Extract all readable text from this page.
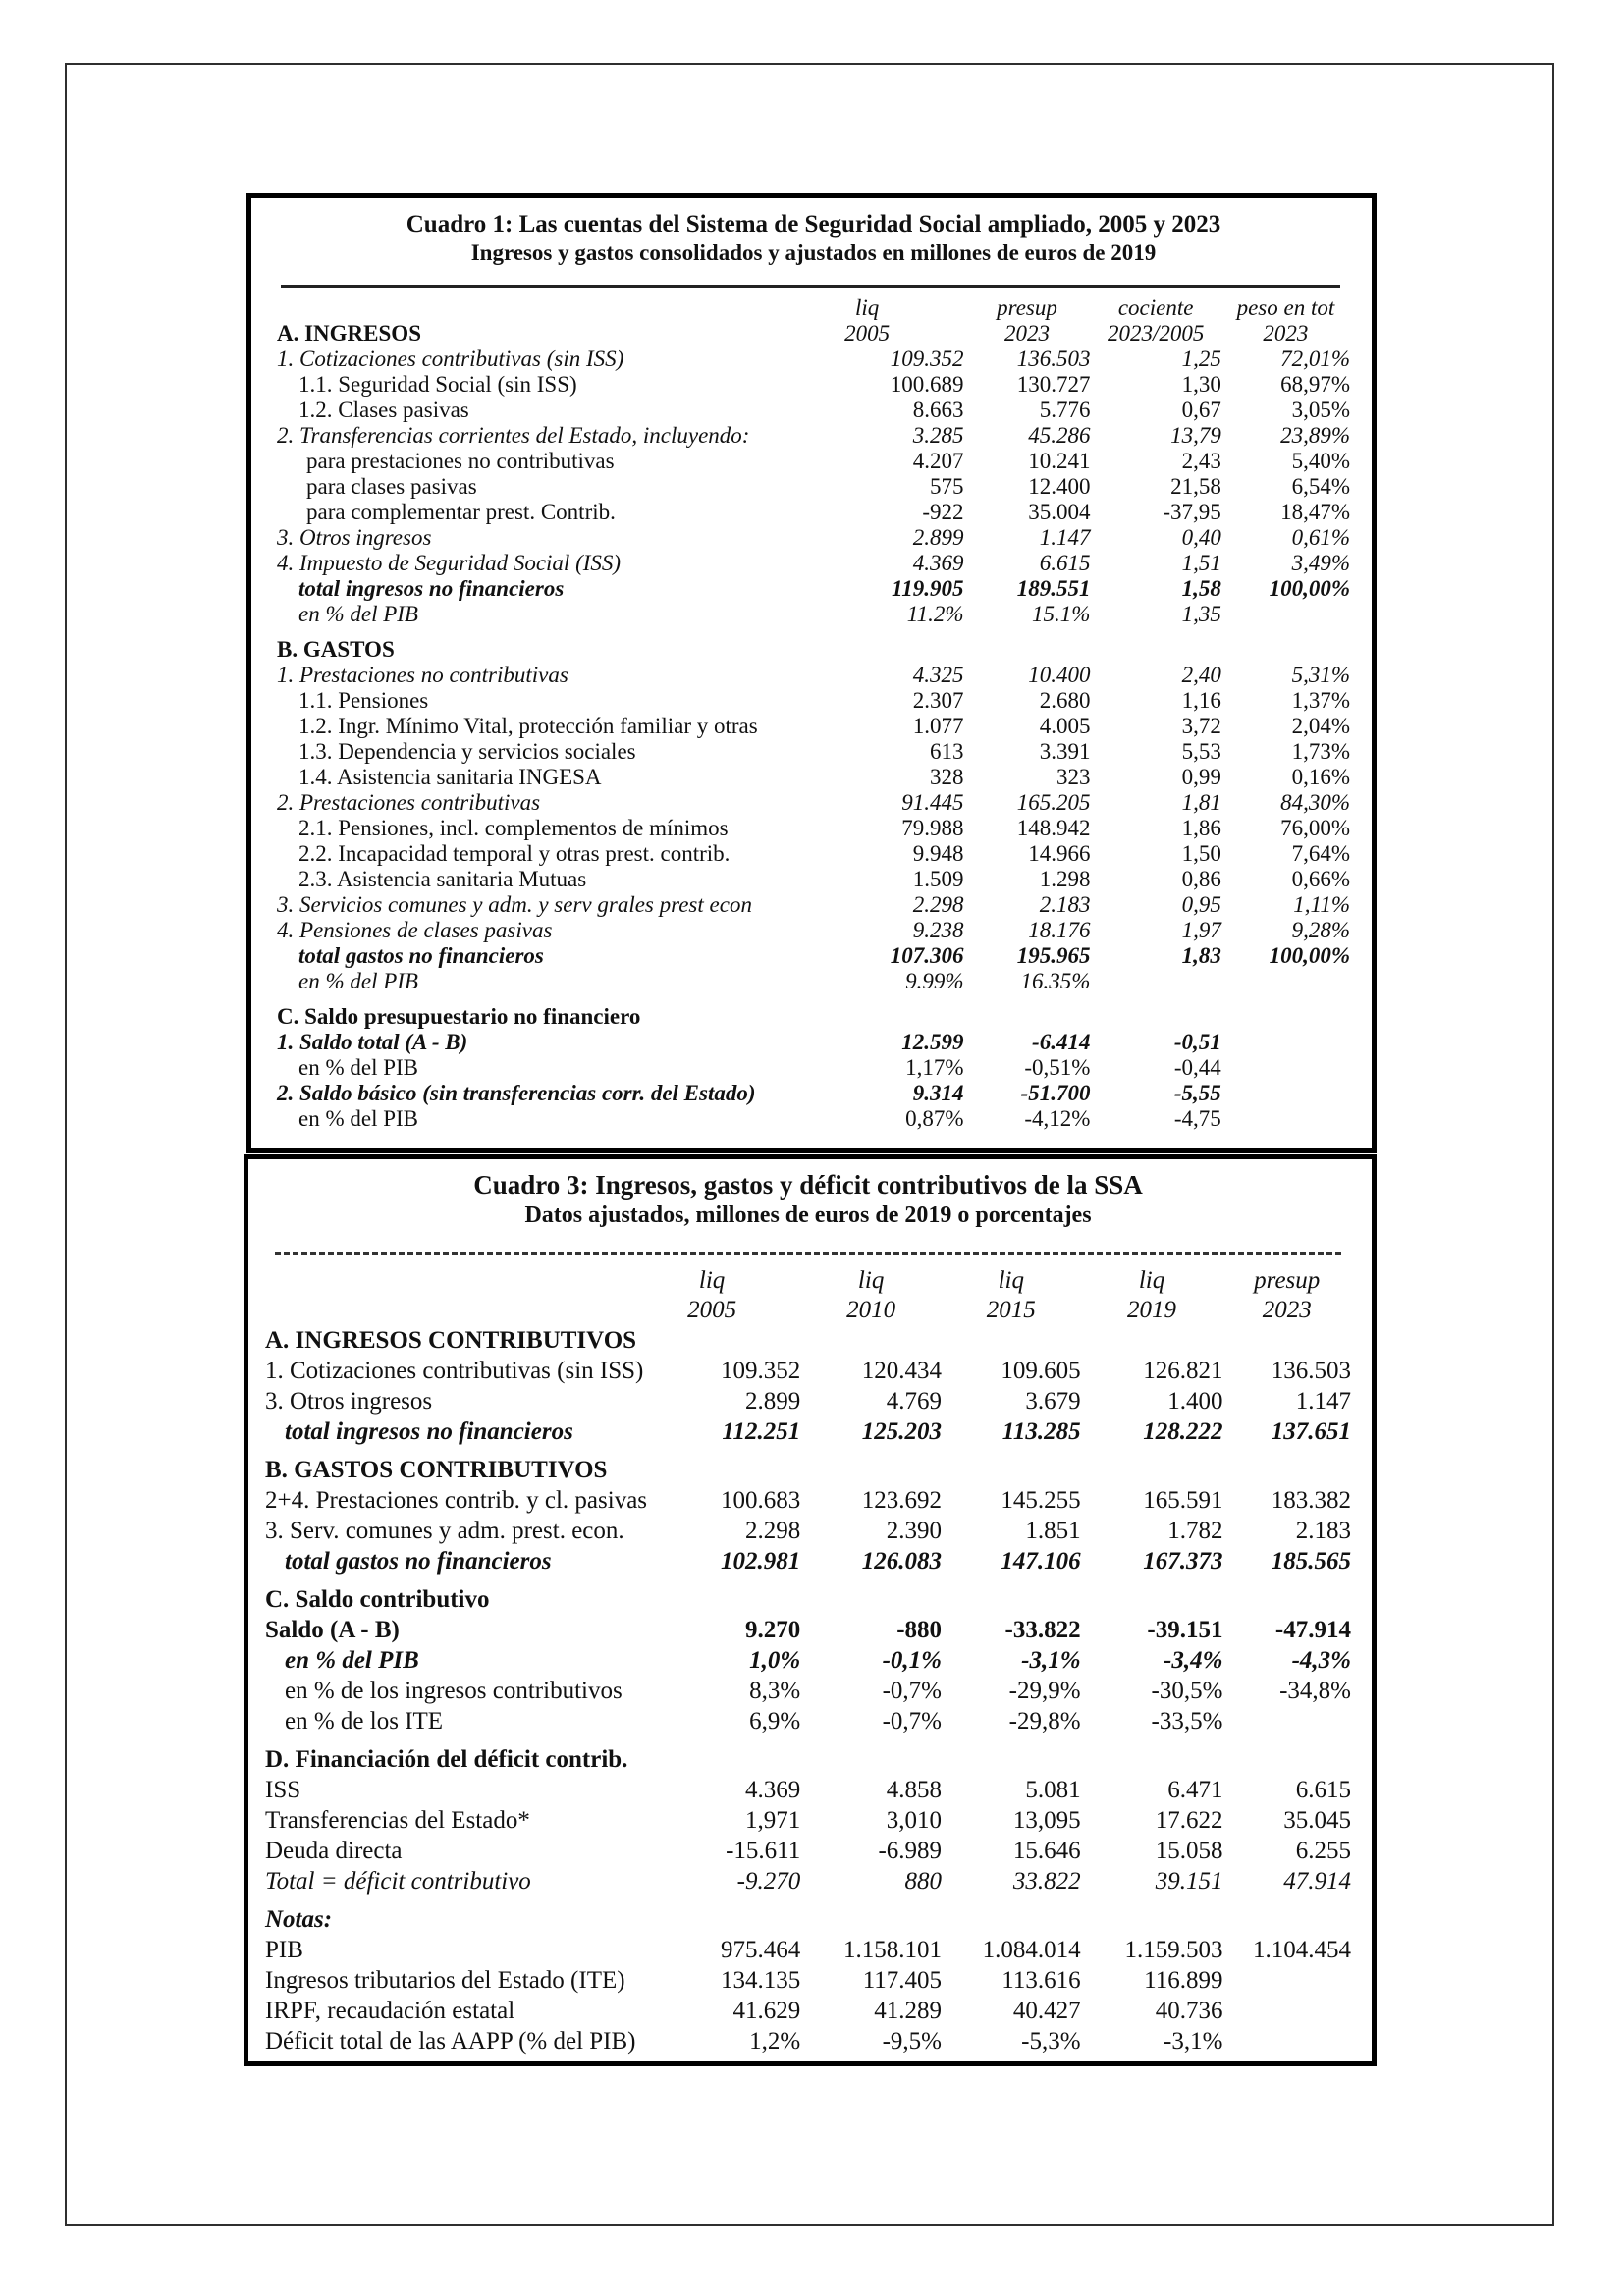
Cuadro 1: Las cuentas del Sistema de Seguridad Social ampliado, 2005 y 2023
Ingresos y gastos consolidados y ajustados en millones de euros de 2019
	liq	presup	cociente	peso en tot
A. INGRESOS	2005	2023	2023/2005	2023
1. Cotizaciones contributivas (sin ISS)	109.352	136.503	1,25	72,01%
1.1. Seguridad Social (sin ISS)	100.689	130.727	1,30	68,97%
1.2. Clases pasivas	8.663	5.776	0,67	3,05%
2. Transferencias corrientes del Estado, incluyendo:	3.285	45.286	13,79	23,89%
para prestaciones no contributivas	4.207	10.241	2,43	5,40%
para clases pasivas	575	12.400	21,58	6,54%
para complementar prest. Contrib.	-922	35.004	-37,95	18,47%
3. Otros ingresos	2.899	1.147	0,40	0,61%
4. Impuesto de Seguridad Social (ISS)	4.369	6.615	1,51	3,49%
total ingresos no financieros	119.905	189.551	1,58	100,00%
en % del PIB	11.2%	15.1%	1,35	
B. GASTOS				
1. Prestaciones no contributivas	4.325	10.400	2,40	5,31%
1.1. Pensiones	2.307	2.680	1,16	1,37%
1.2. Ingr. Mínimo Vital, protección familiar y otras	1.077	4.005	3,72	2,04%
1.3. Dependencia y servicios sociales	613	3.391	5,53	1,73%
1.4. Asistencia sanitaria INGESA	328	323	0,99	0,16%
2. Prestaciones contributivas	91.445	165.205	1,81	84,30%
2.1. Pensiones, incl. complementos de mínimos	79.988	148.942	1,86	76,00%
2.2. Incapacidad temporal y otras prest. contrib.	9.948	14.966	1,50	7,64%
2.3. Asistencia sanitaria Mutuas	1.509	1.298	0,86	0,66%
3. Servicios comunes y adm. y serv grales prest econ	2.298	2.183	0,95	1,11%
4. Pensiones de clases pasivas	9.238	18.176	1,97	9,28%
total gastos no financieros	107.306	195.965	1,83	100,00%
en % del PIB	9.99%	16.35%		
C. Saldo presupuestario no financiero				
1. Saldo total (A - B)	12.599	-6.414	-0,51	
en % del PIB	1,17%	-0,51%	-0,44	
2. Saldo básico (sin transferencias corr. del Estado)	9.314	-51.700	-5,55	
en % del PIB	0,87%	-4,12%	-4,75	
Cuadro 3: Ingresos, gastos y déficit contributivos de la SSA
Datos ajustados, millones de euros de 2019 o porcentajes
	liq	liq	liq	liq	presup
	2005	2010	2015	2019	2023
A. INGRESOS CONTRIBUTIVOS					
1. Cotizaciones contributivas (sin ISS)	109.352	120.434	109.605	126.821	136.503
3. Otros ingresos	2.899	4.769	3.679	1.400	1.147
total ingresos no financieros	112.251	125.203	113.285	128.222	137.651
B. GASTOS CONTRIBUTIVOS					
2+4. Prestaciones contrib. y cl. pasivas	100.683	123.692	145.255	165.591	183.382
3. Serv. comunes y adm. prest. econ.	2.298	2.390	1.851	1.782	2.183
total gastos no financieros	102.981	126.083	147.106	167.373	185.565
C. Saldo contributivo					
Saldo (A - B)	9.270	-880	-33.822	-39.151	-47.914
en % del PIB	1,0%	-0,1%	-3,1%	-3,4%	-4,3%
en % de los ingresos contributivos	8,3%	-0,7%	-29,9%	-30,5%	-34,8%
en % de los ITE	6,9%	-0,7%	-29,8%	-33,5%	
D. Financiación del déficit contrib.					
ISS	4.369	4.858	5.081	6.471	6.615
Transferencias del Estado*	1,971	3,010	13,095	17.622	35.045
Deuda directa	-15.611	-6.989	15.646	15.058	6.255
Total = déficit contributivo	-9.270	880	33.822	39.151	47.914
Notas:					
PIB	975.464	1.158.101	1.084.014	1.159.503	1.104.454
Ingresos tributarios del Estado (ITE)	134.135	117.405	113.616	116.899	
IRPF, recaudación estatal	41.629	41.289	40.427	40.736	
Déficit total de las AAPP (% del PIB)	1,2%	-9,5%	-5,3%	-3,1%	
